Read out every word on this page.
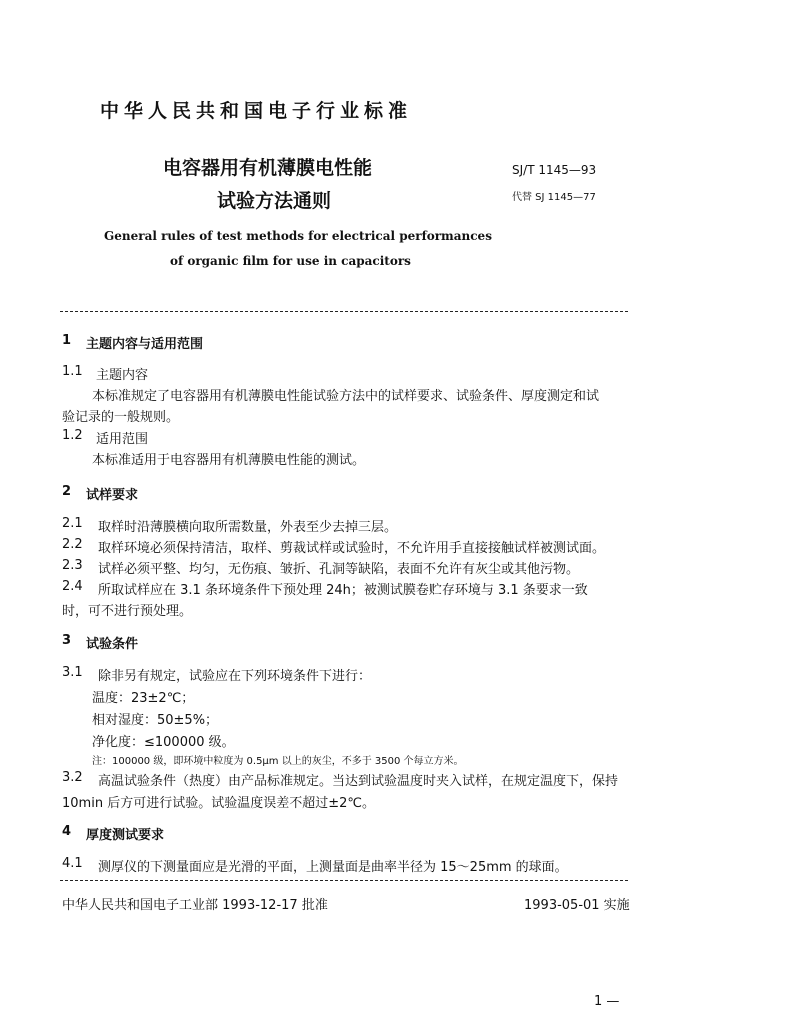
中华人民共和国电子行业标准
电容器用有机薄膜电性能
试验方法通则
SJ/T 1145—93
代替 SJ 1145—77
General rules of test methods for electrical performances
of organic film for use in capacitors
1 主题内容与适用范围
1.1 主题内容
本标准规定了电容器用有机薄膜电性能试验方法中的试样要求、试验条件、厚度测定和试
验记录的一般规则。
1.2 适用范围
本标准适用于电容器用有机薄膜电性能的测试。
2 试样要求
2.1 取样时沿薄膜横向取所需数量，外表至少去掉三层。
2.2 取样环境必须保持清洁，取样、剪裁试样或试验时，不允许用手直接接触试样被测试面。
2.3 试样必须平整、均匀，无伤痕、皱折、孔洞等缺陷，表面不允许有灰尘或其他污物。
2.4 所取试样应在 3.1 条环境条件下预处理 24h；被测试膜卷贮存环境与 3.1 条要求一致
时，可不进行预处理。
3 试验条件
3.1 除非另有规定，试验应在下列环境条件下进行：
温度：23±2℃；
相对湿度：50±5%；
净化度：≤100000 级。
注：100000 级，即环境中粒度为 0.5μm 以上的灰尘，不多于 3500 个每立方米。
3.2 高温试验条件（热度）由产品标准规定。当达到试验温度时夹入试样，在规定温度下，保持
10min 后方可进行试验。试验温度误差不超过±2℃。
4 厚度测试要求
4.1 测厚仪的下测量面应是光滑的平面，上测量面是曲率半径为 15～25mm 的球面。
中华人民共和国电子工业部 1993-12-17 批准	1993-05-01 实施
1 —
